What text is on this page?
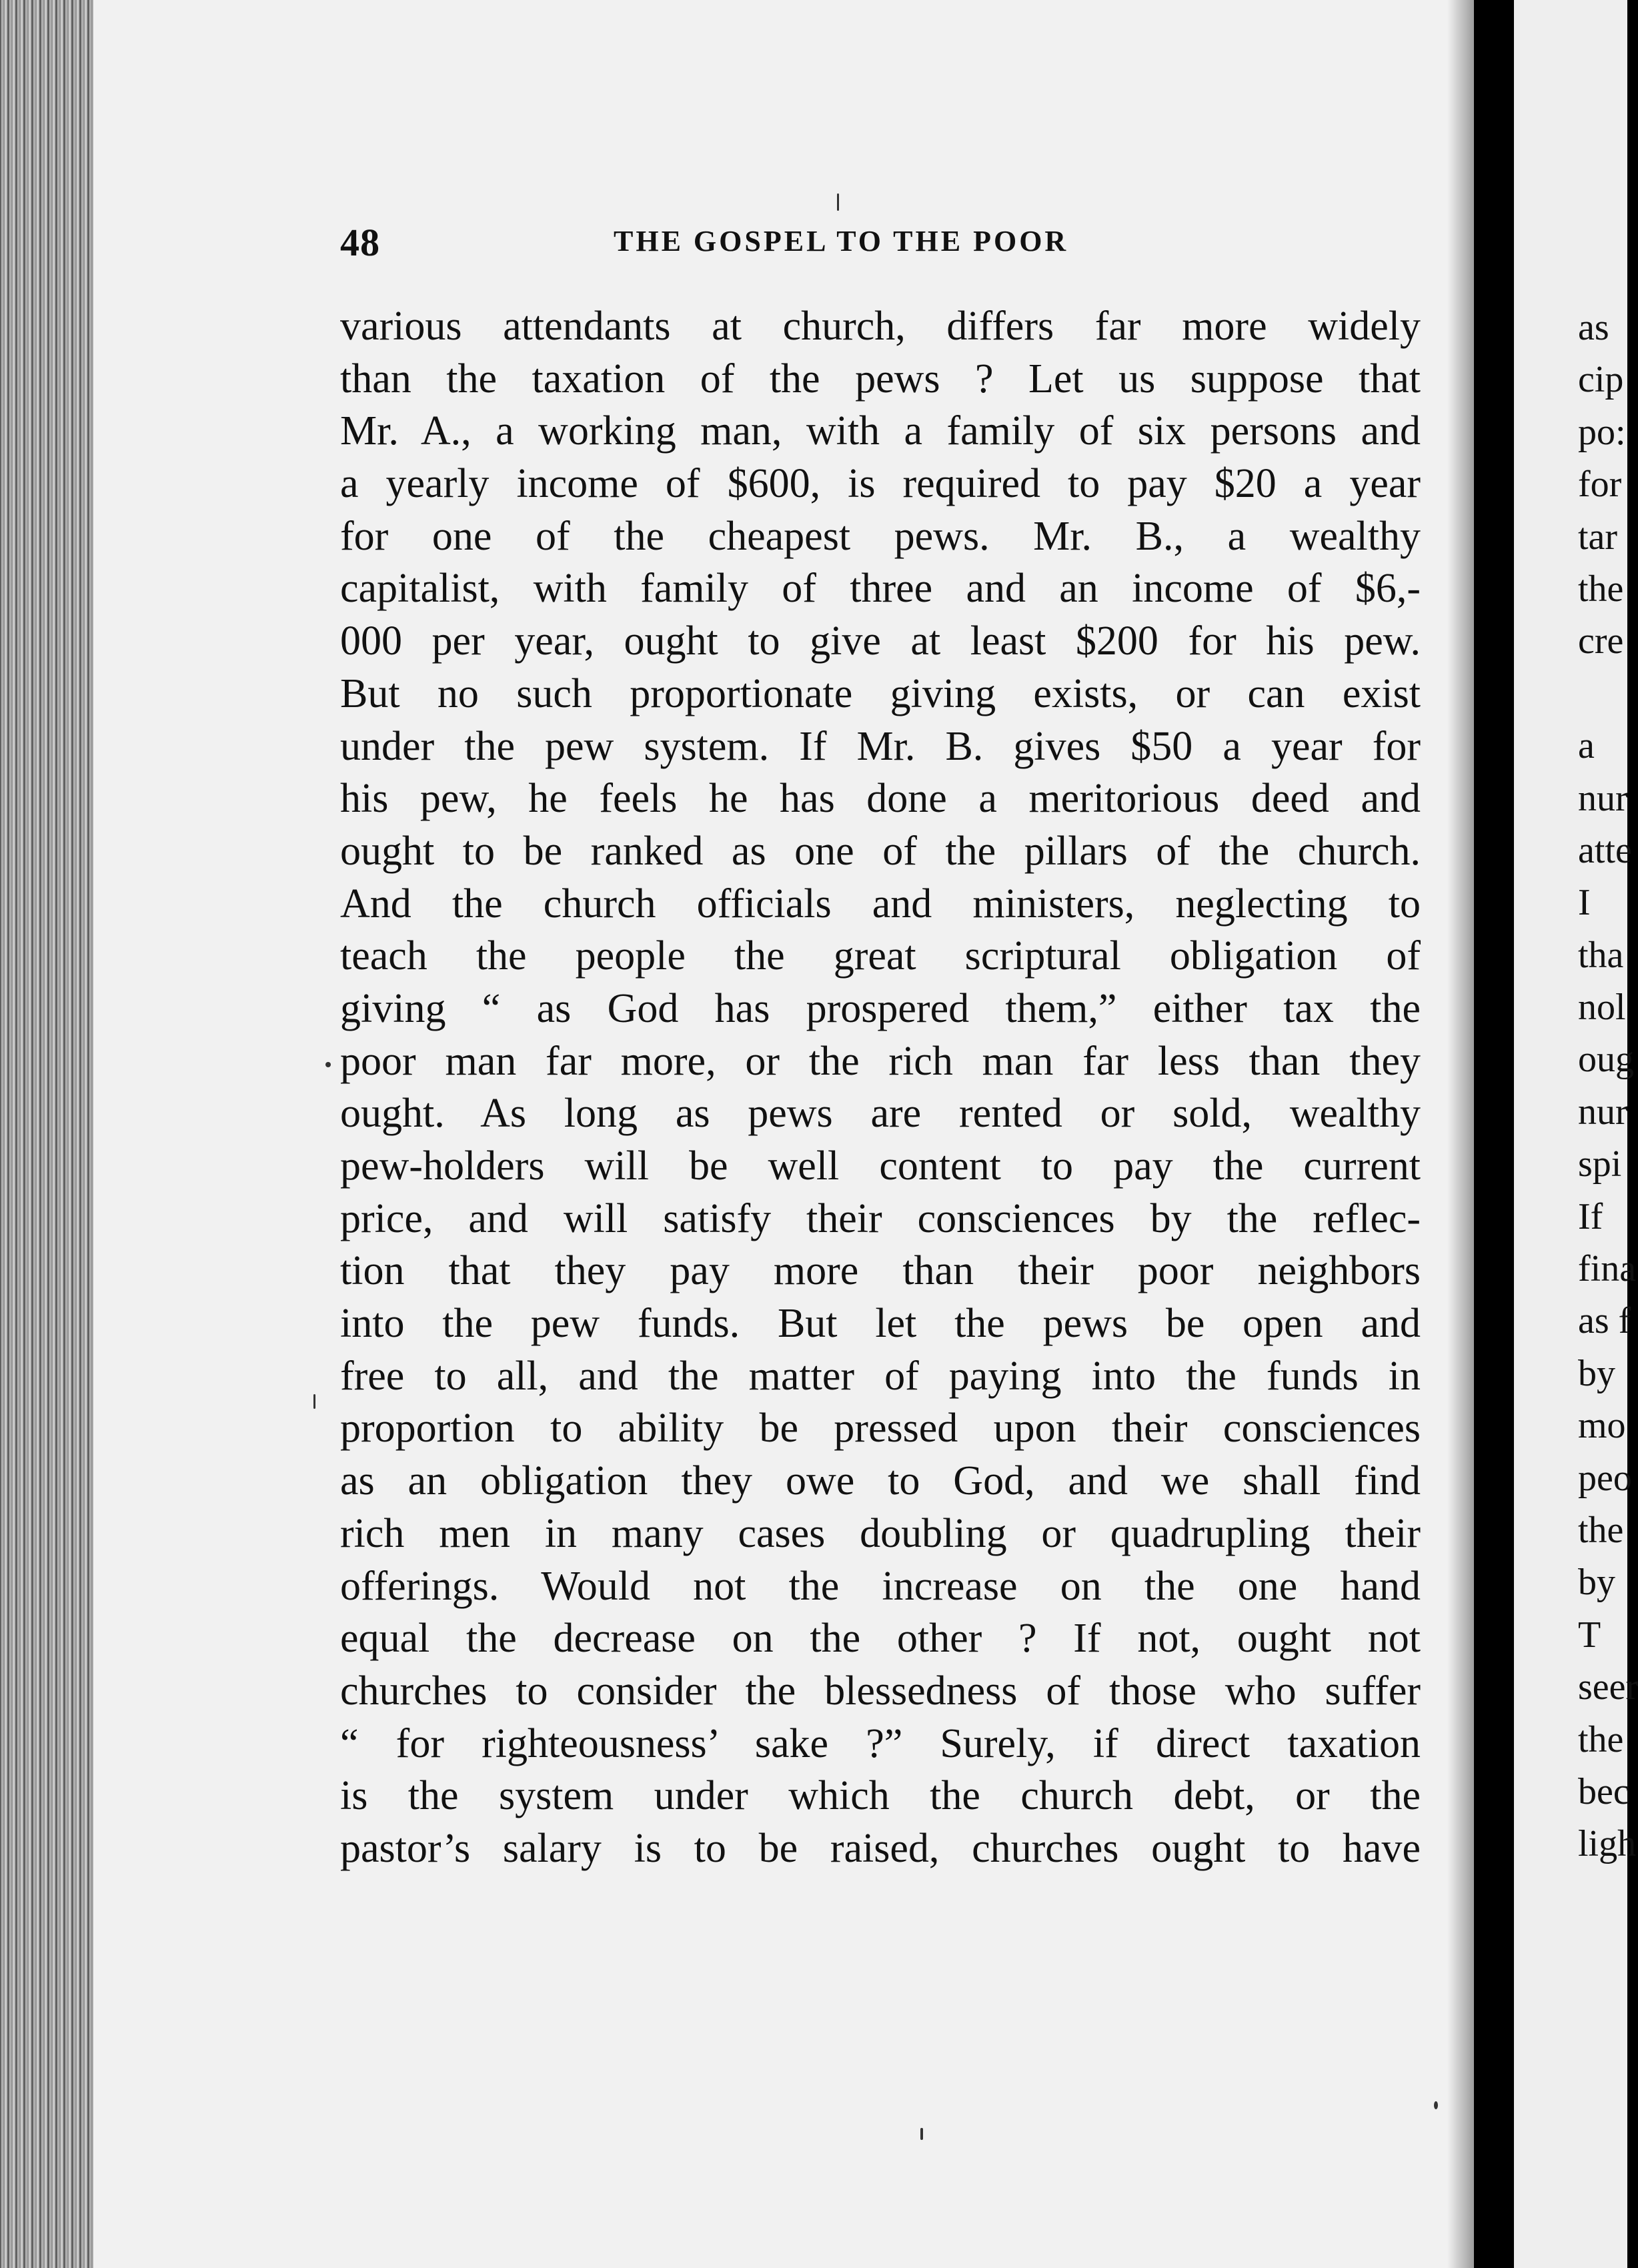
48	THE GOSPEL TO THE POOR
various attendants at church, differs far more widely
than the taxation of the pews ? Let us suppose that
Mr. A., a working man, with a family of six persons and
a yearly income of $600, is required to pay $20 a year
for one of the cheapest pews. Mr. B., a wealthy
capitalist, with family of three and an income of $6,-
000 per year, ought to give at least $200 for his pew.
But no such proportionate giving exists, or can exist
under the pew system. If Mr. B. gives $50 a year for
his pew, he feels he has done a meritorious deed and
ought to be ranked as one of the pillars of the church.
And the church officials and ministers, neglecting to
teach the people the great scriptural obligation of
giving “ as God has prospered them,” either tax the
poor man far more, or the rich man far less than they
ought. As long as pews are rented or sold, wealthy
pew-holders will be well content to pay the current
price, and will satisfy their consciences by the reflec-
tion that they pay more than their poor neighbors
into the pew funds. But let the pews be open and
free to all, and the matter of paying into the funds in
proportion to ability be pressed upon their consciences
as an obligation they owe to God, and we shall find
rich men in many cases doubling or quadrupling their
offerings. Would not the increase on the one hand
equal the decrease on the other ? If not, ought not
churches to consider the blessedness of those who suffer
“ for righteousness’ sake ?” Surely, if direct taxation
is the system under which the church debt, or the
pastor’s salary is to be raised, churches ought to have
as
cip
po:
for
tar
the
cre
a
nur
atte
I
tha
nol
oug
nur
spi
If
fina
as f
by
mo
peo
the
by
T
seer
the
bec
ligh
